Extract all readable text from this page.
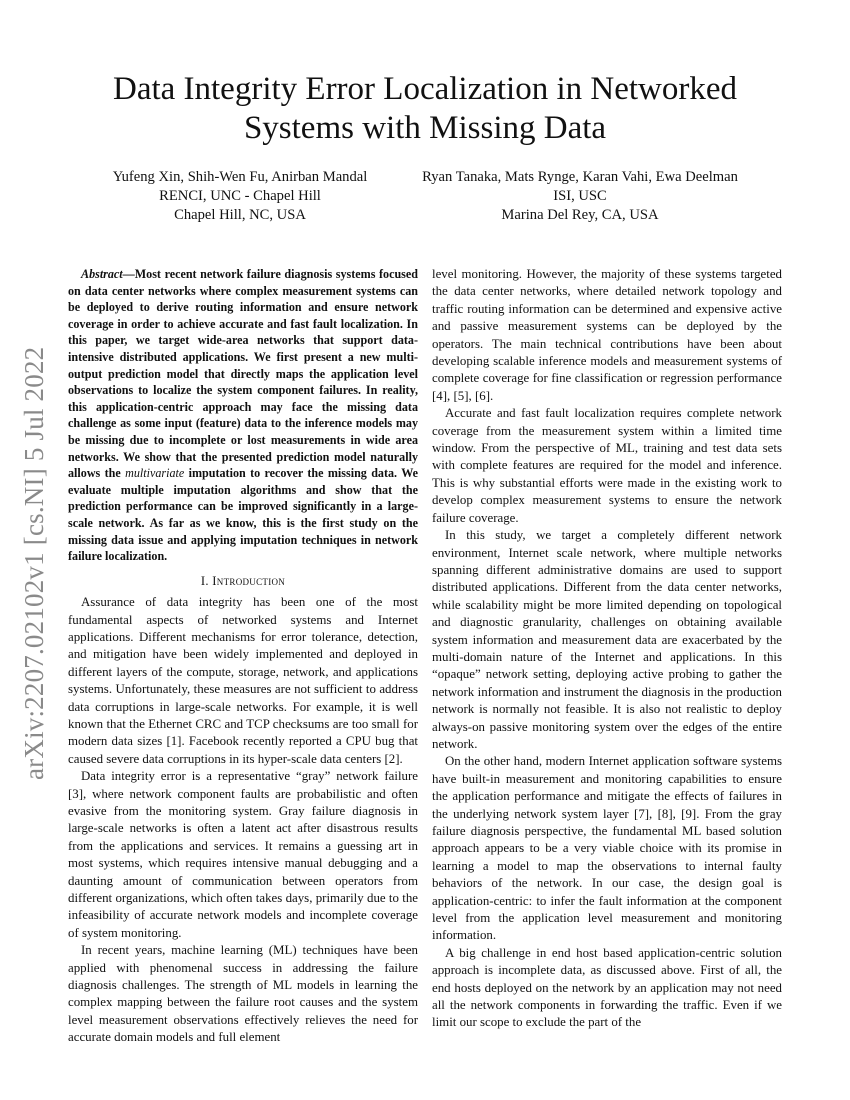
arXiv:2207.02102v1 [cs.NI] 5 Jul 2022
Data Integrity Error Localization in Networked Systems with Missing Data
Yufeng Xin, Shih-Wen Fu, Anirban Mandal
RENCI, UNC - Chapel Hill
Chapel Hill, NC, USA
Ryan Tanaka, Mats Rynge, Karan Vahi, Ewa Deelman
ISI, USC
Marina Del Rey, CA, USA

Abstract—Most recent network failure diagnosis systems focused on data center networks where complex measurement systems can be deployed to derive routing information and ensure network coverage in order to achieve accurate and fast fault localization. In this paper, we target wide-area networks that support data-intensive distributed applications. We first present a new multi-output prediction model that directly maps the application level observations to localize the system component failures. In reality, this application-centric approach may face the missing data challenge as some input (feature) data to the inference models may be missing due to incomplete or lost measurements in wide area networks. We show that the presented prediction model naturally allows the multivariate imputation to recover the missing data. We evaluate multiple imputation algorithms and show that the prediction performance can be improved significantly in a large-scale network. As far as we know, this is the first study on the missing data issue and applying imputation techniques in network failure localization.

I. Introduction

Assurance of data integrity has been one of the most fundamental aspects of networked systems and Internet applications. Different mechanisms for error tolerance, detection, and mitigation have been widely implemented and deployed in different layers of the compute, storage, network, and applications systems. Unfortunately, these measures are not sufficient to address data corruptions in large-scale networks. For example, it is well known that the Ethernet CRC and TCP checksums are too small for modern data sizes [1]. Facebook recently reported a CPU bug that caused severe data corruptions in its hyper-scale data centers [2].

Data integrity error is a representative “gray” network failure [3], where network component faults are probabilistic and often evasive from the monitoring system. Gray failure diagnosis in large-scale networks is often a latent act after disastrous results from the applications and services. It remains a guessing art in most systems, which requires intensive manual debugging and a daunting amount of communication between operators from different organizations, which often takes days, primarily due to the infeasibility of accurate network models and incomplete coverage of system monitoring.

In recent years, machine learning (ML) techniques have been applied with phenomenal success in addressing the failure diagnosis challenges. The strength of ML models in learning the complex mapping between the failure root causes and the system level measurement observations effectively relieves the need for accurate domain models and full element

level monitoring. However, the majority of these systems targeted the data center networks, where detailed network topology and traffic routing information can be determined and expensive active and passive measurement systems can be deployed by the operators. The main technical contributions have been about developing scalable inference models and measurement systems of complete coverage for fine classification or regression performance [4], [5], [6].

Accurate and fast fault localization requires complete network coverage from the measurement system within a limited time window. From the perspective of ML, training and test data sets with complete features are required for the model and inference. This is why substantial efforts were made in the existing work to develop complex measurement systems to ensure the network failure coverage.

In this study, we target a completely different network environment, Internet scale network, where multiple networks spanning different administrative domains are used to support distributed applications. Different from the data center networks, while scalability might be more limited depending on topological and diagnostic granularity, challenges on obtaining available system information and measurement data are exacerbated by the multi-domain nature of the Internet and applications. In this “opaque” network setting, deploying active probing to gather the network information and instrument the diagnosis in the production network is normally not feasible. It is also not realistic to deploy always-on passive monitoring system over the edges of the entire network.

On the other hand, modern Internet application software systems have built-in measurement and monitoring capabilities to ensure the application performance and mitigate the effects of failures in the underlying network system layer [7], [8], [9]. From the gray failure diagnosis perspective, the fundamental ML based solution approach appears to be a very viable choice with its promise in learning a model to map the observations to internal faulty behaviors of the network. In our case, the design goal is application-centric: to infer the fault information at the component level from the application level measurement and monitoring information.

A big challenge in end host based application-centric solution approach is incomplete data, as discussed above. First of all, the end hosts deployed on the network by an application may not need all the network components in forwarding the traffic. Even if we limit our scope to exclude the part of the
